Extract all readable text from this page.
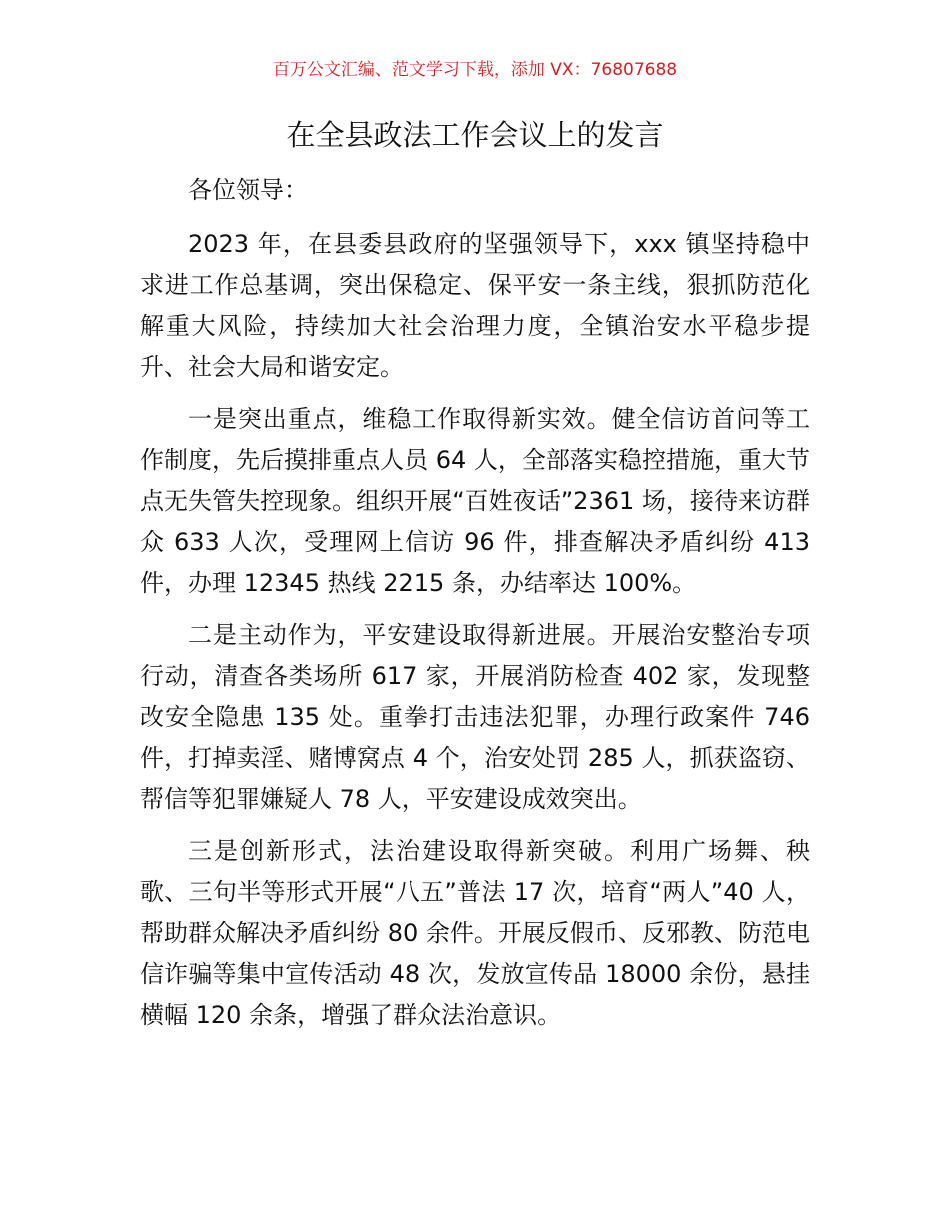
百万公文汇编、范文学习下载，添加 VX：76807688
在全县政法工作会议上的发言

各位领导：

2023 年，在县委县政府的坚强领导下，xxx 镇坚持稳中求进工作总基调，突出保稳定、保平安一条主线，狠抓防范化解重大风险，持续加大社会治理力度，全镇治安水平稳步提升、社会大局和谐安定。

一是突出重点，维稳工作取得新实效。健全信访首问等工作制度，先后摸排重点人员 64 人，全部落实稳控措施，重大节点无失管失控现象。组织开展“百姓夜话”2361 场，接待来访群众 633 人次，受理网上信访 96 件，排查解决矛盾纠纷 413 件，办理 12345 热线 2215 条，办结率达 100%。

二是主动作为，平安建设取得新进展。开展治安整治专项行动，清查各类场所 617 家，开展消防检查 402 家，发现整改安全隐患 135 处。重拳打击违法犯罪，办理行政案件 746 件，打掉卖淫、赌博窝点 4 个，治安处罚 285 人，抓获盗窃、帮信等犯罪嫌疑人 78 人，平安建设成效突出。

三是创新形式，法治建设取得新突破。利用广场舞、秧歌、三句半等形式开展“八五”普法 17 次，培育“两人”40 人，帮助群众解决矛盾纠纷 80 余件。开展反假币、反邪教、防范电信诈骗等集中宣传活动 48 次，发放宣传品 18000 余份，悬挂横幅 120 余条，增强了群众法治意识。
